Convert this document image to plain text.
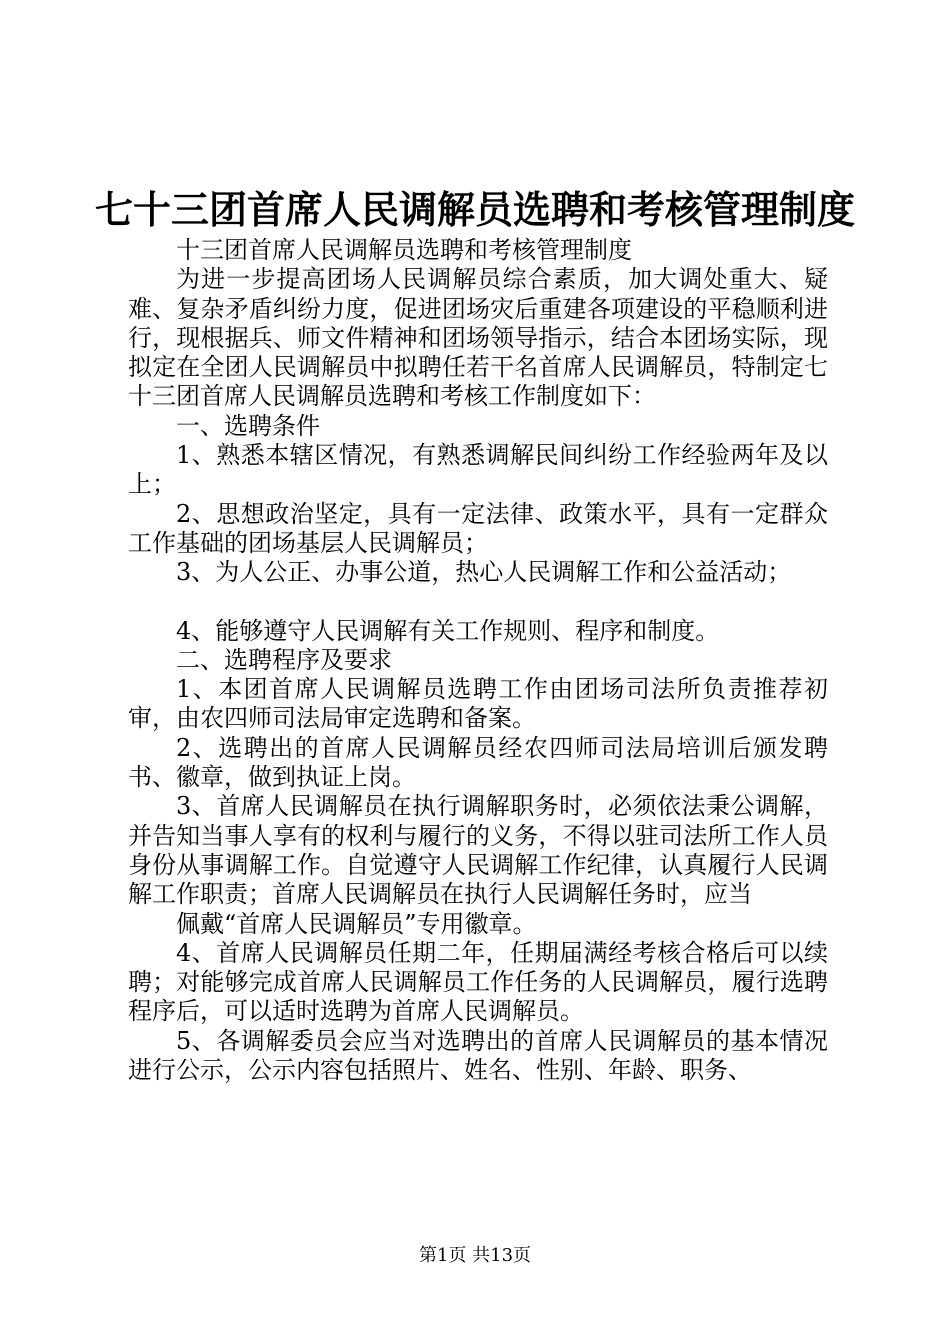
七十三团首席人民调解员选聘和考核管理制度

十三团首席人民调解员选聘和考核管理制度

为进一步提高团场人民调解员综合素质，加大调处重大、疑难、复杂矛盾纠纷力度，促进团场灾后重建各项建设的平稳顺利进行，现根据兵、师文件精神和团场领导指示，结合本团场实际，现拟定在全团人民调解员中拟聘任若干名首席人民调解员，特制定七十三团首席人民调解员选聘和考核工作制度如下：

一、选聘条件

1、熟悉本辖区情况，有熟悉调解民间纠纷工作经验两年及以上；

2、思想政治坚定，具有一定法律、政策水平，具有一定群众工作基础的团场基层人民调解员；

3、为人公正、办事公道，热心人民调解工作和公益活动；

4、能够遵守人民调解有关工作规则、程序和制度。

二、选聘程序及要求

1、本团首席人民调解员选聘工作由团场司法所负责推荐初审，由农四师司法局审定选聘和备案。

2、选聘出的首席人民调解员经农四师司法局培训后颁发聘书、徽章，做到执证上岗。

3、首席人民调解员在执行调解职务时，必须依法秉公调解，并告知当事人享有的权利与履行的义务，不得以驻司法所工作人员身份从事调解工作。自觉遵守人民调解工作纪律，认真履行人民调解工作职责；首席人民调解员在执行人民调解任务时，应当

佩戴“首席人民调解员”专用徽章。

4、首席人民调解员任期二年，任期届满经考核合格后可以续聘；对能够完成首席人民调解员工作任务的人民调解员，履行选聘程序后，可以适时选聘为首席人民调解员。

5、各调解委员会应当对选聘出的首席人民调解员的基本情况进行公示，公示内容包括照片、姓名、性别、年龄、职务、

第1页 共13页
